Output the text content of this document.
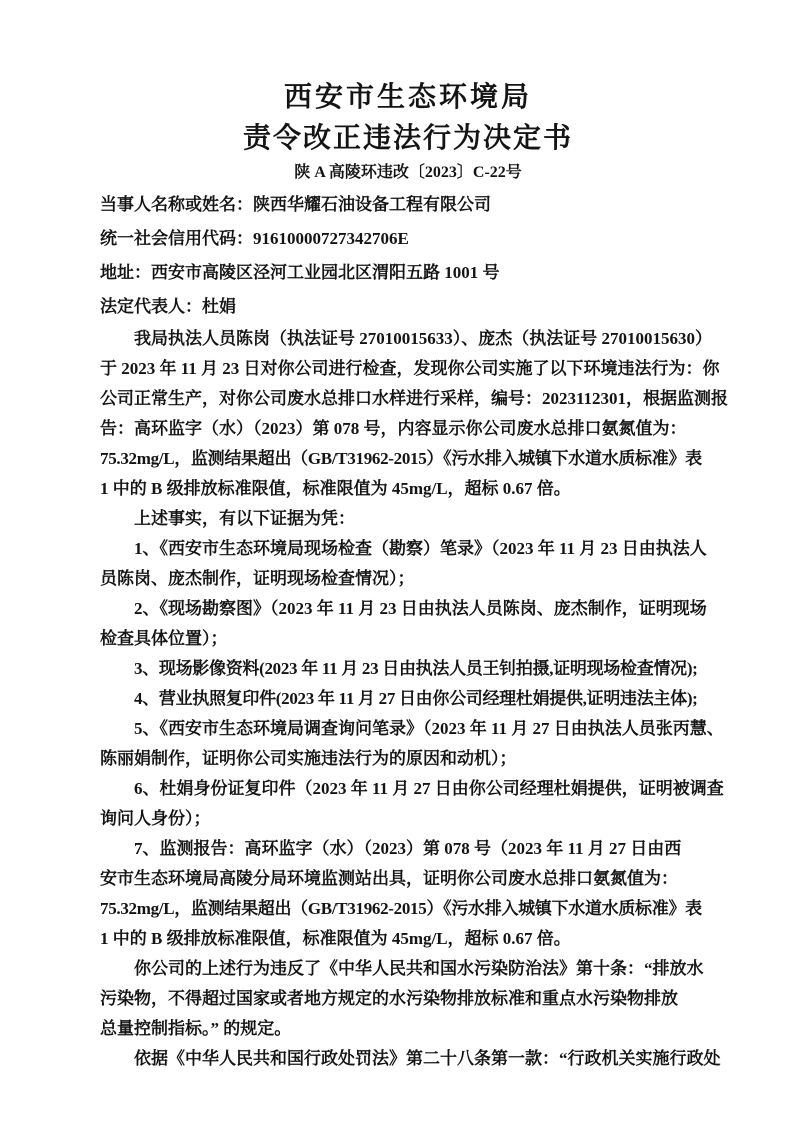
西安市生态环境局
责令改正违法行为决定书
陕 A 高陵环违改〔2023〕C-22号
当事人名称或姓名：陕西华耀石油设备工程有限公司
统一社会信用代码：91610000727342706E
地址：西安市高陵区泾河工业园北区渭阳五路 1001 号
法定代表人：杜娟
我局执法人员陈岗（执法证号 27010015633）、庞杰（执法证号 27010015630）
于 2023 年 11 月 23 日对你公司进行检查，发现你公司实施了以下环境违法行为：你
公司正常生产，对你公司废水总排口水样进行采样，编号：2023112301，根据监测报
告：高环监字（水）（2023）第 078 号，内容显示你公司废水总排口氨氮值为：
75.32mg/L，监测结果超出（GB/T31962-2015）《污水排入城镇下水道水质标准》表
1 中的 B 级排放标准限值，标准限值为 45mg/L，超标 0.67 倍。
上述事实，有以下证据为凭：
1、《西安市生态环境局现场检查（勘察）笔录》（2023 年 11 月 23 日由执法人
员陈岗、庞杰制作，证明现场检查情况）；
2、《现场勘察图》（2023 年 11 月 23 日由执法人员陈岗、庞杰制作，证明现场
检查具体位置）；
3、现场影像资料(2023 年 11 月 23 日由执法人员王钊拍摄,证明现场检查情况);
4、营业执照复印件(2023 年 11 月 27 日由你公司经理杜娟提供,证明违法主体);
5、《西安市生态环境局调查询问笔录》（2023 年 11 月 27 日由执法人员张丙慧、
陈丽娟制作，证明你公司实施违法行为的原因和动机）；
6、杜娟身份证复印件（2023 年 11 月 27 日由你公司经理杜娟提供，证明被调查
询问人身份）；
7、监测报告：高环监字（水）（2023）第 078 号（2023 年 11 月 27 日由西
安市生态环境局高陵分局环境监测站出具，证明你公司废水总排口氨氮值为：
75.32mg/L，监测结果超出（GB/T31962-2015）《污水排入城镇下水道水质标准》表
1 中的 B 级排放标准限值，标准限值为 45mg/L，超标 0.67 倍。
你公司的上述行为违反了《中华人民共和国水污染防治法》第十条：“排放水
污染物，不得超过国家或者地方规定的水污染物排放标准和重点水污染物排放
总量控制指标。” 的规定。
依据《中华人民共和国行政处罚法》第二十八条第一款：“行政机关实施行政处
